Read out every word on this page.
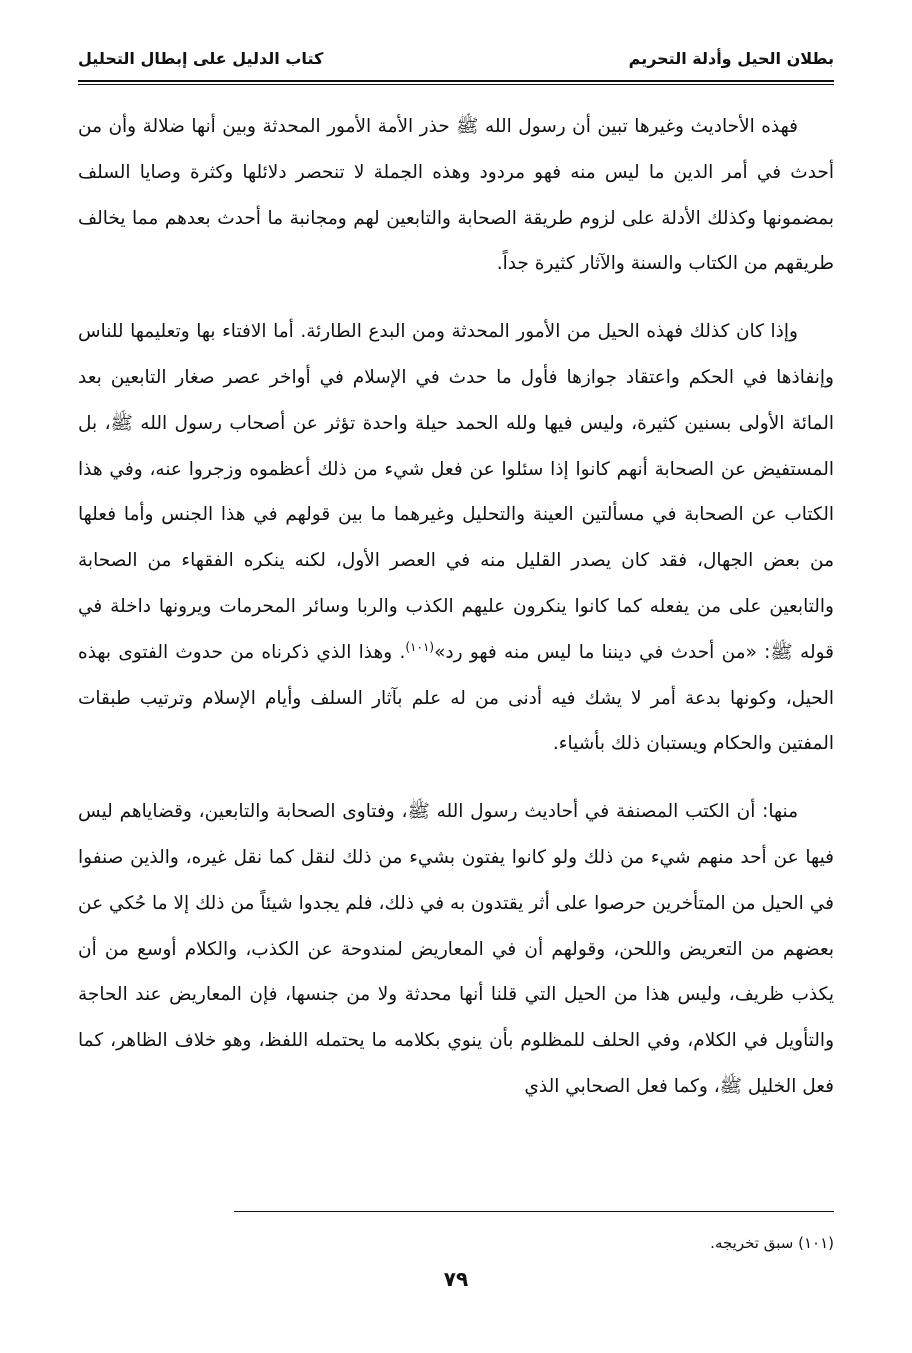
بطلان الحيل وأدلة التحريم
كتاب الدليل على إبطال التحليل

فهذه الأحاديث وغيرها تبين أن رسول الله ﷺ حذر الأمة الأمور المحدثة وبين أنها ضلالة وأن من أحدث في أمر الدين ما ليس منه فهو مردود وهذه الجملة لا تنحصر دلائلها وكثرة وصايا السلف بمضمونها وكذلك الأدلة على لزوم طريقة الصحابة والتابعين لهم ومجانبة ما أحدث بعدهم مما يخالف طريقهم من الكتاب والسنة والآثار كثيرة جداً.

وإذا كان كذلك فهذه الحيل من الأمور المحدثة ومن البدع الطارئة. أما الافتاء بها وتعليمها للناس وإنفاذها في الحكم واعتقاد جوازها فأول ما حدث في الإسلام في أواخر عصر صغار التابعين بعد المائة الأولى بسنين كثيرة، وليس فيها ولله الحمد حيلة واحدة تؤثر عن أصحاب رسول الله ﷺ، بل المستفيض عن الصحابة أنهم كانوا إذا سئلوا عن فعل شيء من ذلك أعظموه وزجروا عنه، وفي هذا الكتاب عن الصحابة في مسألتين العينة والتحليل وغيرهما ما بين قولهم في هذا الجنس وأما فعلها من بعض الجهال، فقد كان يصدر القليل منه في العصر الأول، لكنه ينكره الفقهاء من الصحابة والتابعين على من يفعله كما كانوا ينكرون عليهم الكذب والربا وسائر المحرمات ويرونها داخلة في قوله ﷺ: «من أحدث في ديننا ما ليس منه فهو رد»$^{(١٠١)}$. وهذا الذي ذكرناه من حدوث الفتوى بهذه الحيل، وكونها بدعة أمر لا يشك فيه أدنى من له علم بآثار السلف وأيام الإسلام وترتيب طبقات المفتين والحكام ويستبان ذلك بأشياء.

منها: أن الكتب المصنفة في أحاديث رسول الله ﷺ، وفتاوى الصحابة والتابعين، وقضاياهم ليس فيها عن أحد منهم شيء من ذلك ولو كانوا يفتون بشيء من ذلك لنقل كما نقل غيره، والذين صنفوا في الحيل من المتأخرين حرصوا على أثر يقتدون به في ذلك، فلم يجدوا شيئاً من ذلك إلا ما حُكي عن بعضهم من التعريض واللحن، وقولهم أن في المعاريض لمندوحة عن الكذب، والكلام أوسع من أن يكذب ظريف، وليس هذا من الحيل التي قلنا أنها محدثة ولا من جنسها، فإن المعاريض عند الحاجة والتأويل في الكلام، وفي الحلف للمظلوم بأن ينوي بكلامه ما يحتمله اللفظ، وهو خلاف الظاهر، كما فعل الخليل ﷺ، وكما فعل الصحابي الذي

(١٠١) سبق تخريجه.
٧٩
